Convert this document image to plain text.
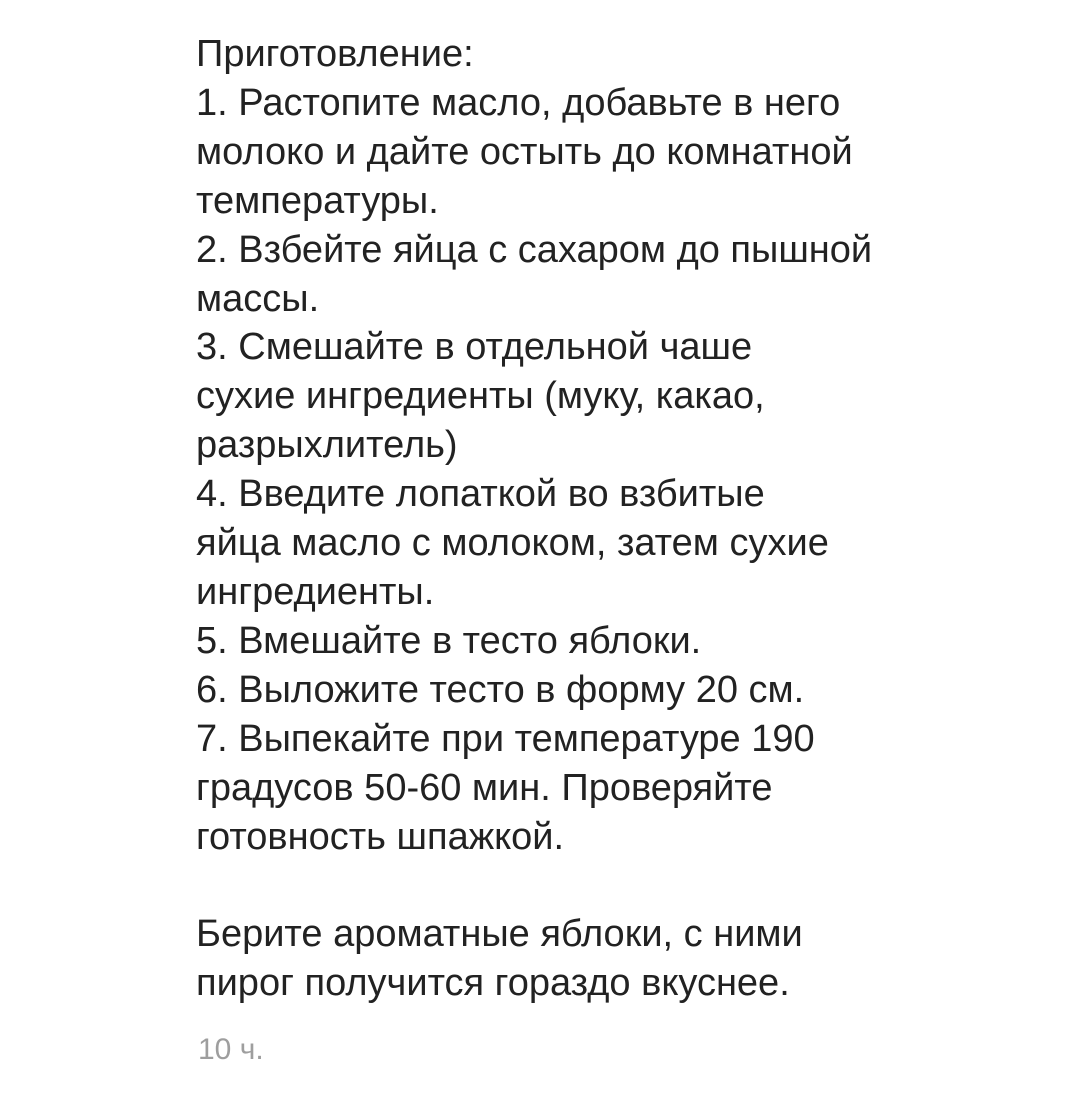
Приготовление:
1. Растопите масло, добавьте в него
молоко и дайте остыть до комнатной
температуры.
2. Взбейте яйца с сахаром до пышной
массы.
3. Смешайте в отдельной чаше
сухие ингредиенты (муку, какао,
разрыхлитель)
4. Введите лопаткой во взбитые
яйца масло с молоком, затем сухие
ингредиенты.
5. Вмешайте в тесто яблоки.
6. Выложите тесто в форму 20 см.
7. Выпекайте при температуре 190
градусов 50-60 мин. Проверяйте
готовность шпажкой.
Берите ароматные яблоки, с ними
пирог получится гораздо вкуснее.
10 ч.
